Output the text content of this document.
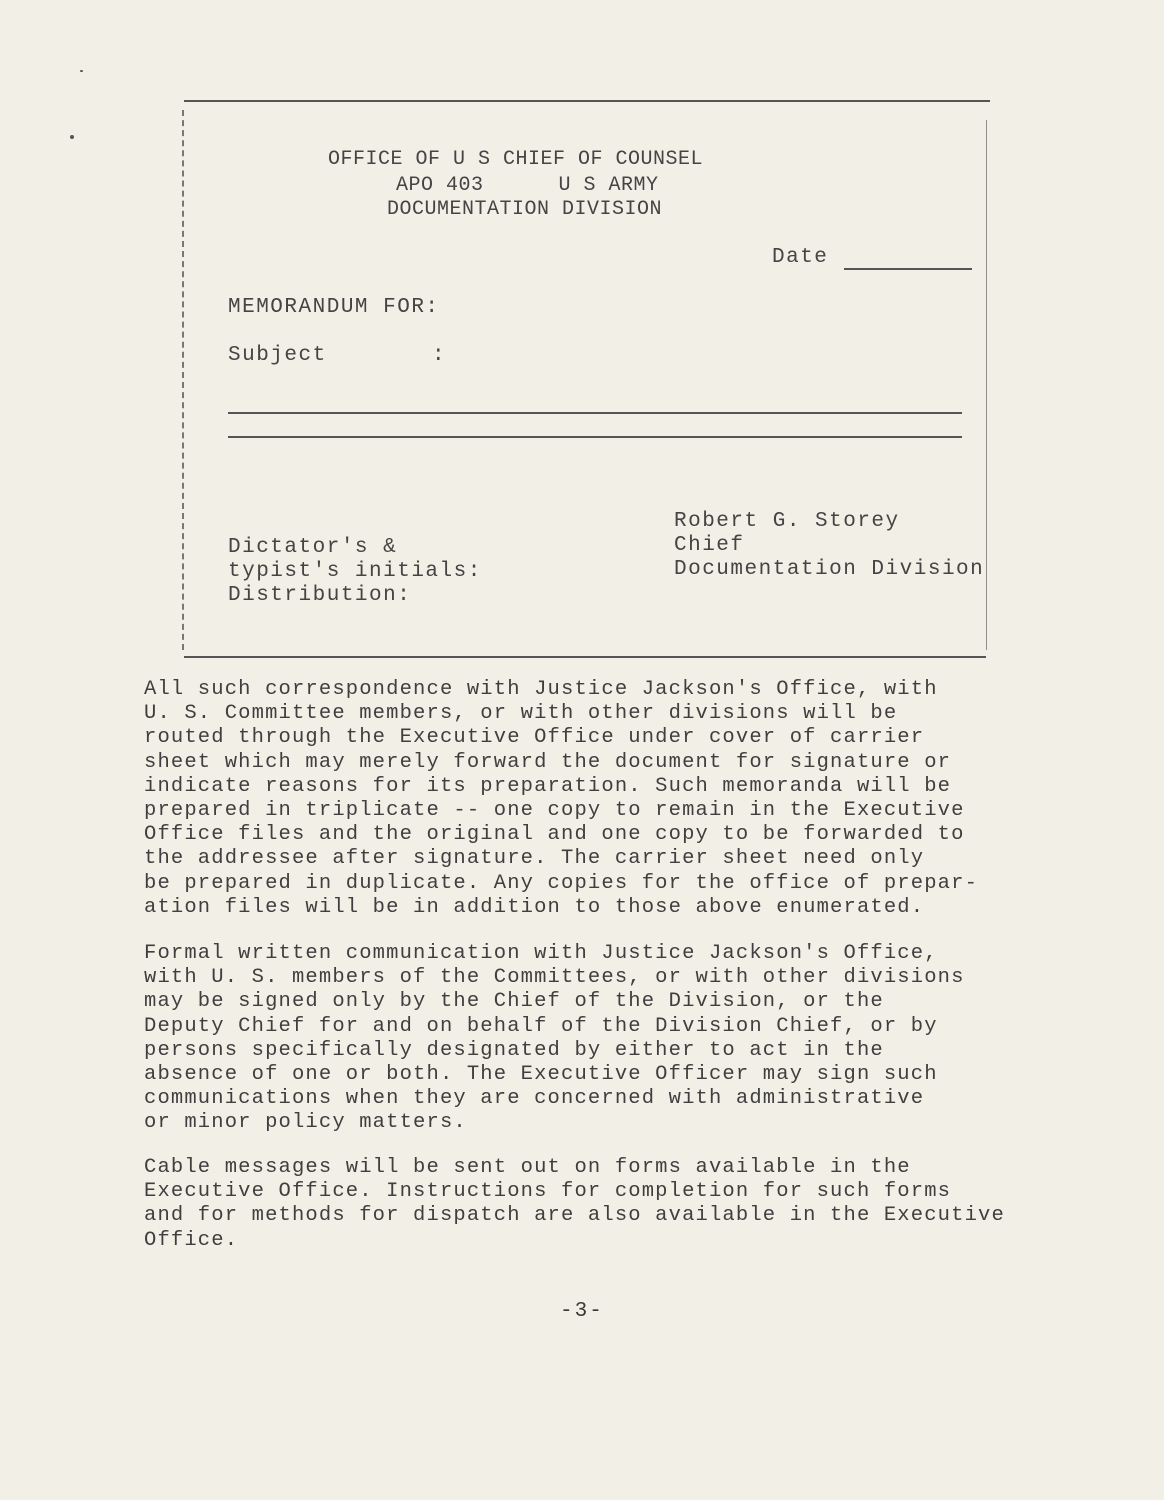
OFFICE OF U S CHIEF OF COUNSEL
APO 403      U S ARMY
DOCUMENTATION DIVISION
Date
MEMORANDUM FOR:
Subject	:
Robert G. Storey
Dictator's &	Chief
typist's initials:	Documentation Division
Distribution:
All such correspondence with Justice Jackson's Office, with
U. S. Committee members, or with other divisions will be
routed through the Executive Office under cover of carrier
sheet which may merely forward the document for signature or
indicate reasons for its preparation. Such memoranda will be
prepared in triplicate -- one copy to remain in the Executive
Office files and the original and one copy to be forwarded to
the addressee after signature. The carrier sheet need only
be prepared in duplicate. Any copies for the office of prepar-
ation files will be in addition to those above enumerated.
Formal written communication with Justice Jackson's Office,
with U. S. members of the Committees, or with other divisions
may be signed only by the Chief of the Division, or the
Deputy Chief for and on behalf of the Division Chief, or by
persons specifically designated by either to act in the
absence of one or both. The Executive Officer may sign such
communications when they are concerned with administrative
or minor policy matters.
Cable messages will be sent out on forms available in the
Executive Office. Instructions for completion for such forms
and for methods for dispatch are also available in the Executive
Office.
-3-
